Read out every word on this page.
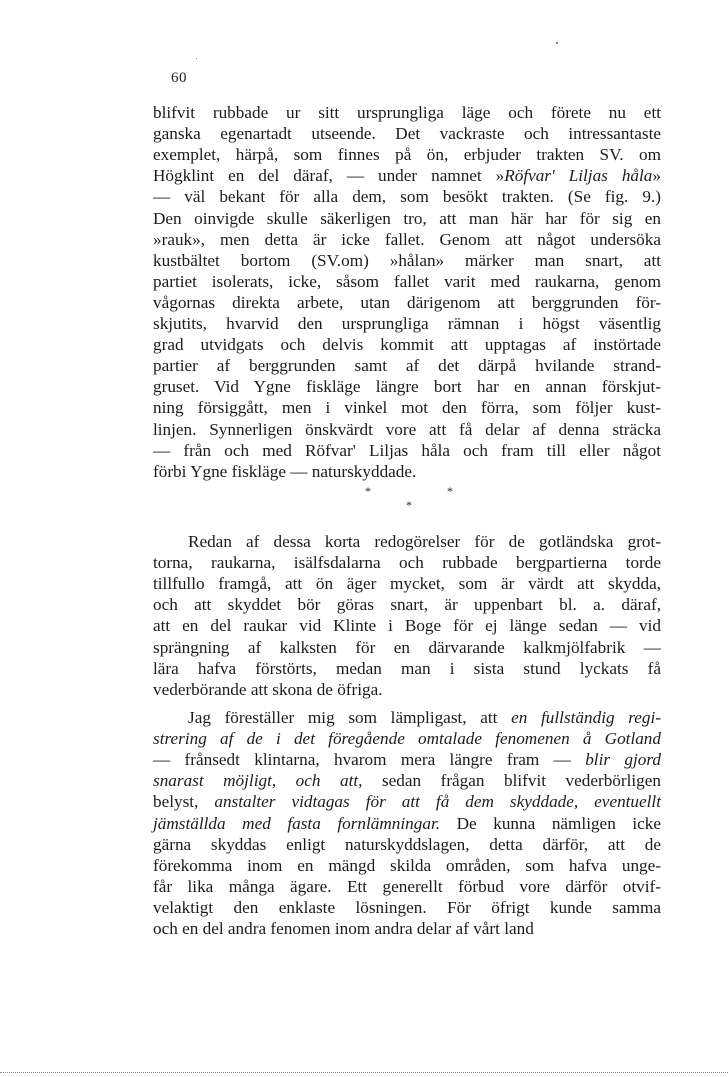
60
blifvit rubbade ur sitt ursprungliga läge och förete nu ett
ganska egenartadt utseende. Det vackraste och intressantaste
exemplet, härpå, som finnes på ön, erbjuder trakten SV. om
Högklint en del däraf, — under namnet »Röfvar' Liljas håla»
— väl bekant för alla dem, som besökt trakten. (Se fig. 9.)
Den oinvigde skulle säkerligen tro, att man här har för sig en
»rauk», men detta är icke fallet. Genom att något undersöka
kustbältet bortom (SV.om) »hålan» märker man snart, att
partiet isolerats, icke, såsom fallet varit med raukarna, genom
vågornas direkta arbete, utan därigenom att berggrunden för-
skjutits, hvarvid den ursprungliga rämnan i högst väsentlig
grad utvidgats och delvis kommit att upptagas af instörtade
partier af berggrunden samt af det därpå hvilande strand-
gruset. Vid Ygne fiskläge längre bort har en annan förskjut-
ning försiggått, men i vinkel mot den förra, som följer kust-
linjen. Synnerligen önskvärdt vore att få delar af denna sträcka
— från och med Röfvar' Liljas håla och fram till eller något
förbi Ygne fiskläge — naturskyddade.
*	*
*
Redan af dessa korta redogörelser för de gotländska grot-
torna, raukarna, isälfsdalarna och rubbade bergpartierna torde
tillfullo framgå, att ön äger mycket, som är värdt att skydda,
och att skyddet bör göras snart, är uppenbart bl. a. däraf,
att en del raukar vid Klinte i Boge för ej länge sedan — vid
sprängning af kalksten för en därvarande kalkmjölfabrik —
lära hafva förstörts, medan man i sista stund lyckats få
vederbörande att skona de öfriga.
Jag föreställer mig som lämpligast, att en fullständig regi-
strering af de i det föregående omtalade fenomenen å Gotland
— frånsedt klintarna, hvarom mera längre fram — blir gjord
snarast möjligt, och att, sedan frågan blifvit vederbörligen
belyst, anstalter vidtagas för att få dem skyddade, eventuellt
jämställda med fasta fornlämningar. De kunna nämligen icke
gärna skyddas enligt naturskyddslagen, detta därför, att de
förekomma inom en mängd skilda områden, som hafva unge-
får lika många ägare. Ett generellt förbud vore därför otvif-
velaktigt den enklaste lösningen. För öfrigt kunde samma
och en del andra fenomen inom andra delar af vårt land
